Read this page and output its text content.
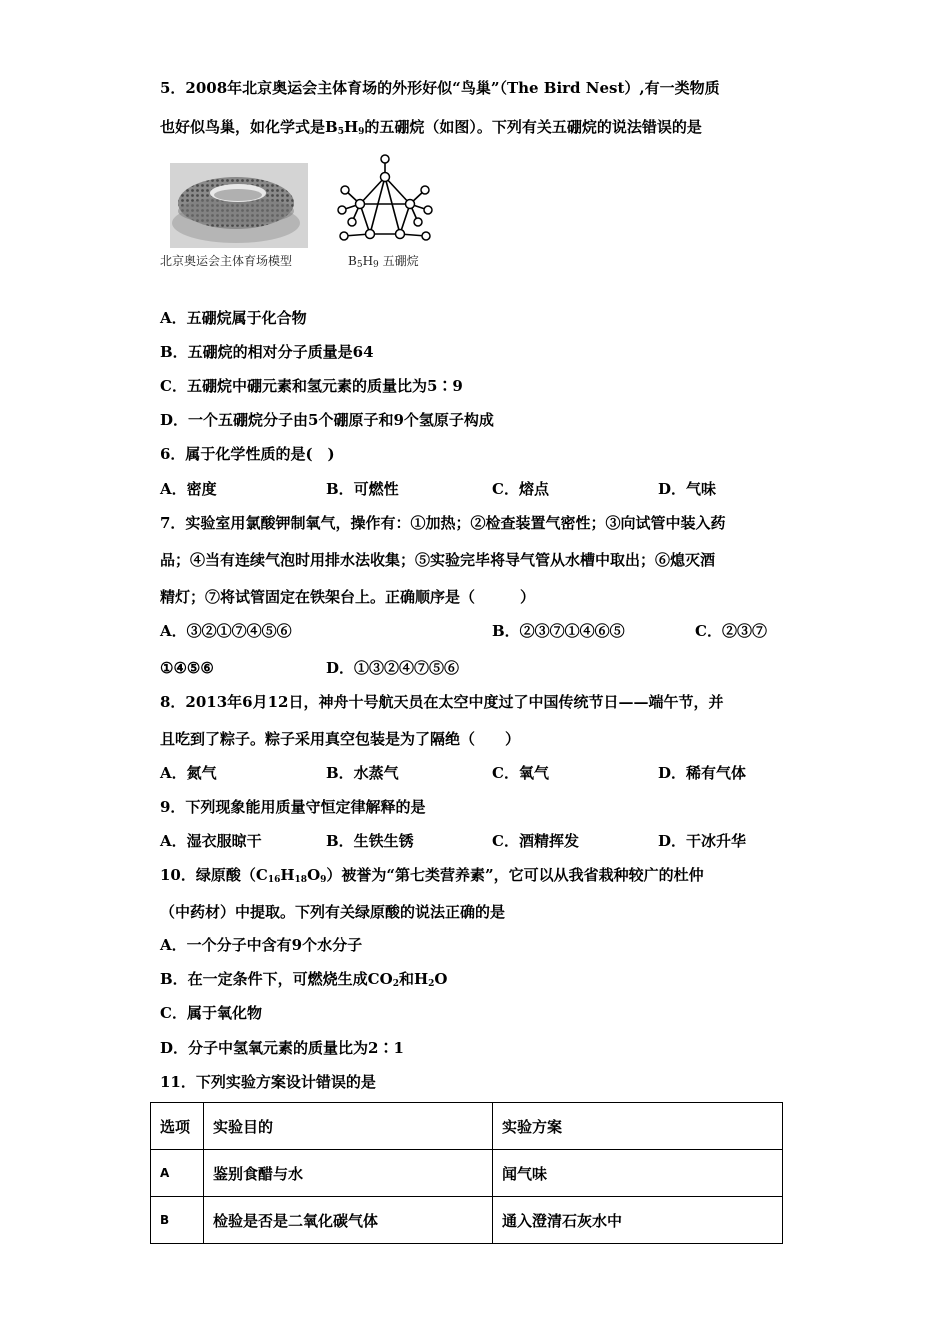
5．2008年北京奥运会主体育场的外形好似“鸟巢”（The Bird Nest）,有一类物质
也好似鸟巢，如化学式是$B_5H_9$的五硼烷（如图）。下列有关五硼烷的说法错误的是
北京奥运会主体育场模型	$B_5H_9$ 五硼烷
A．五硼烷属于化合物
B．五硼烷的相对分子质量是64
C．五硼烷中硼元素和氢元素的质量比为5∶9
D．一个五硼烷分子由5个硼原子和9个氢原子构成
6．属于化学性质的是(　)
A．密度	B．可燃性	C．熔点	D．气味
7．实验室用氯酸钾制氧气，操作有：①加热；②检查装置气密性；③向试管中装入药
品；④当有连续气泡时用排水法收集；⑤实验完毕将导气管从水槽中取出；⑥熄灭酒
精灯；⑦将试管固定在铁架台上。正确顺序是（　　　）
A．③②①⑦④⑤⑥	B．②③⑦①④⑥⑤	C．②③⑦
①④⑤⑥	D．①③②④⑦⑤⑥
8．2013年6月12日，神舟十号航天员在太空中度过了中国传统节日——端午节，并
且吃到了粽子。粽子采用真空包装是为了隔绝（　　）
A．氮气	B．水蒸气	C．氧气	D．稀有气体
9．下列现象能用质量守恒定律解释的是
A．湿衣服晾干	B．生铁生锈	C．酒精挥发	D．干冰升华
10．绿原酸$(C_{16}H_{18}O_9)$被誉为“第七类营养素”，它可以从我省栽种较广的杜仲
（中药材）中提取。下列有关绿原酸的说法正确的是
A．一个分子中含有9个水分子
B．在一定条件下，可燃烧生成$CO_2$和$H_2O$
C．属于氧化物
D．分子中氢氧元素的质量比为2∶1
11．下列实验方案设计错误的是
选项	实验目的	实验方案
A	鉴别食醋与水	闻气味
B	检验是否是二氧化碳气体	通入澄清石灰水中
